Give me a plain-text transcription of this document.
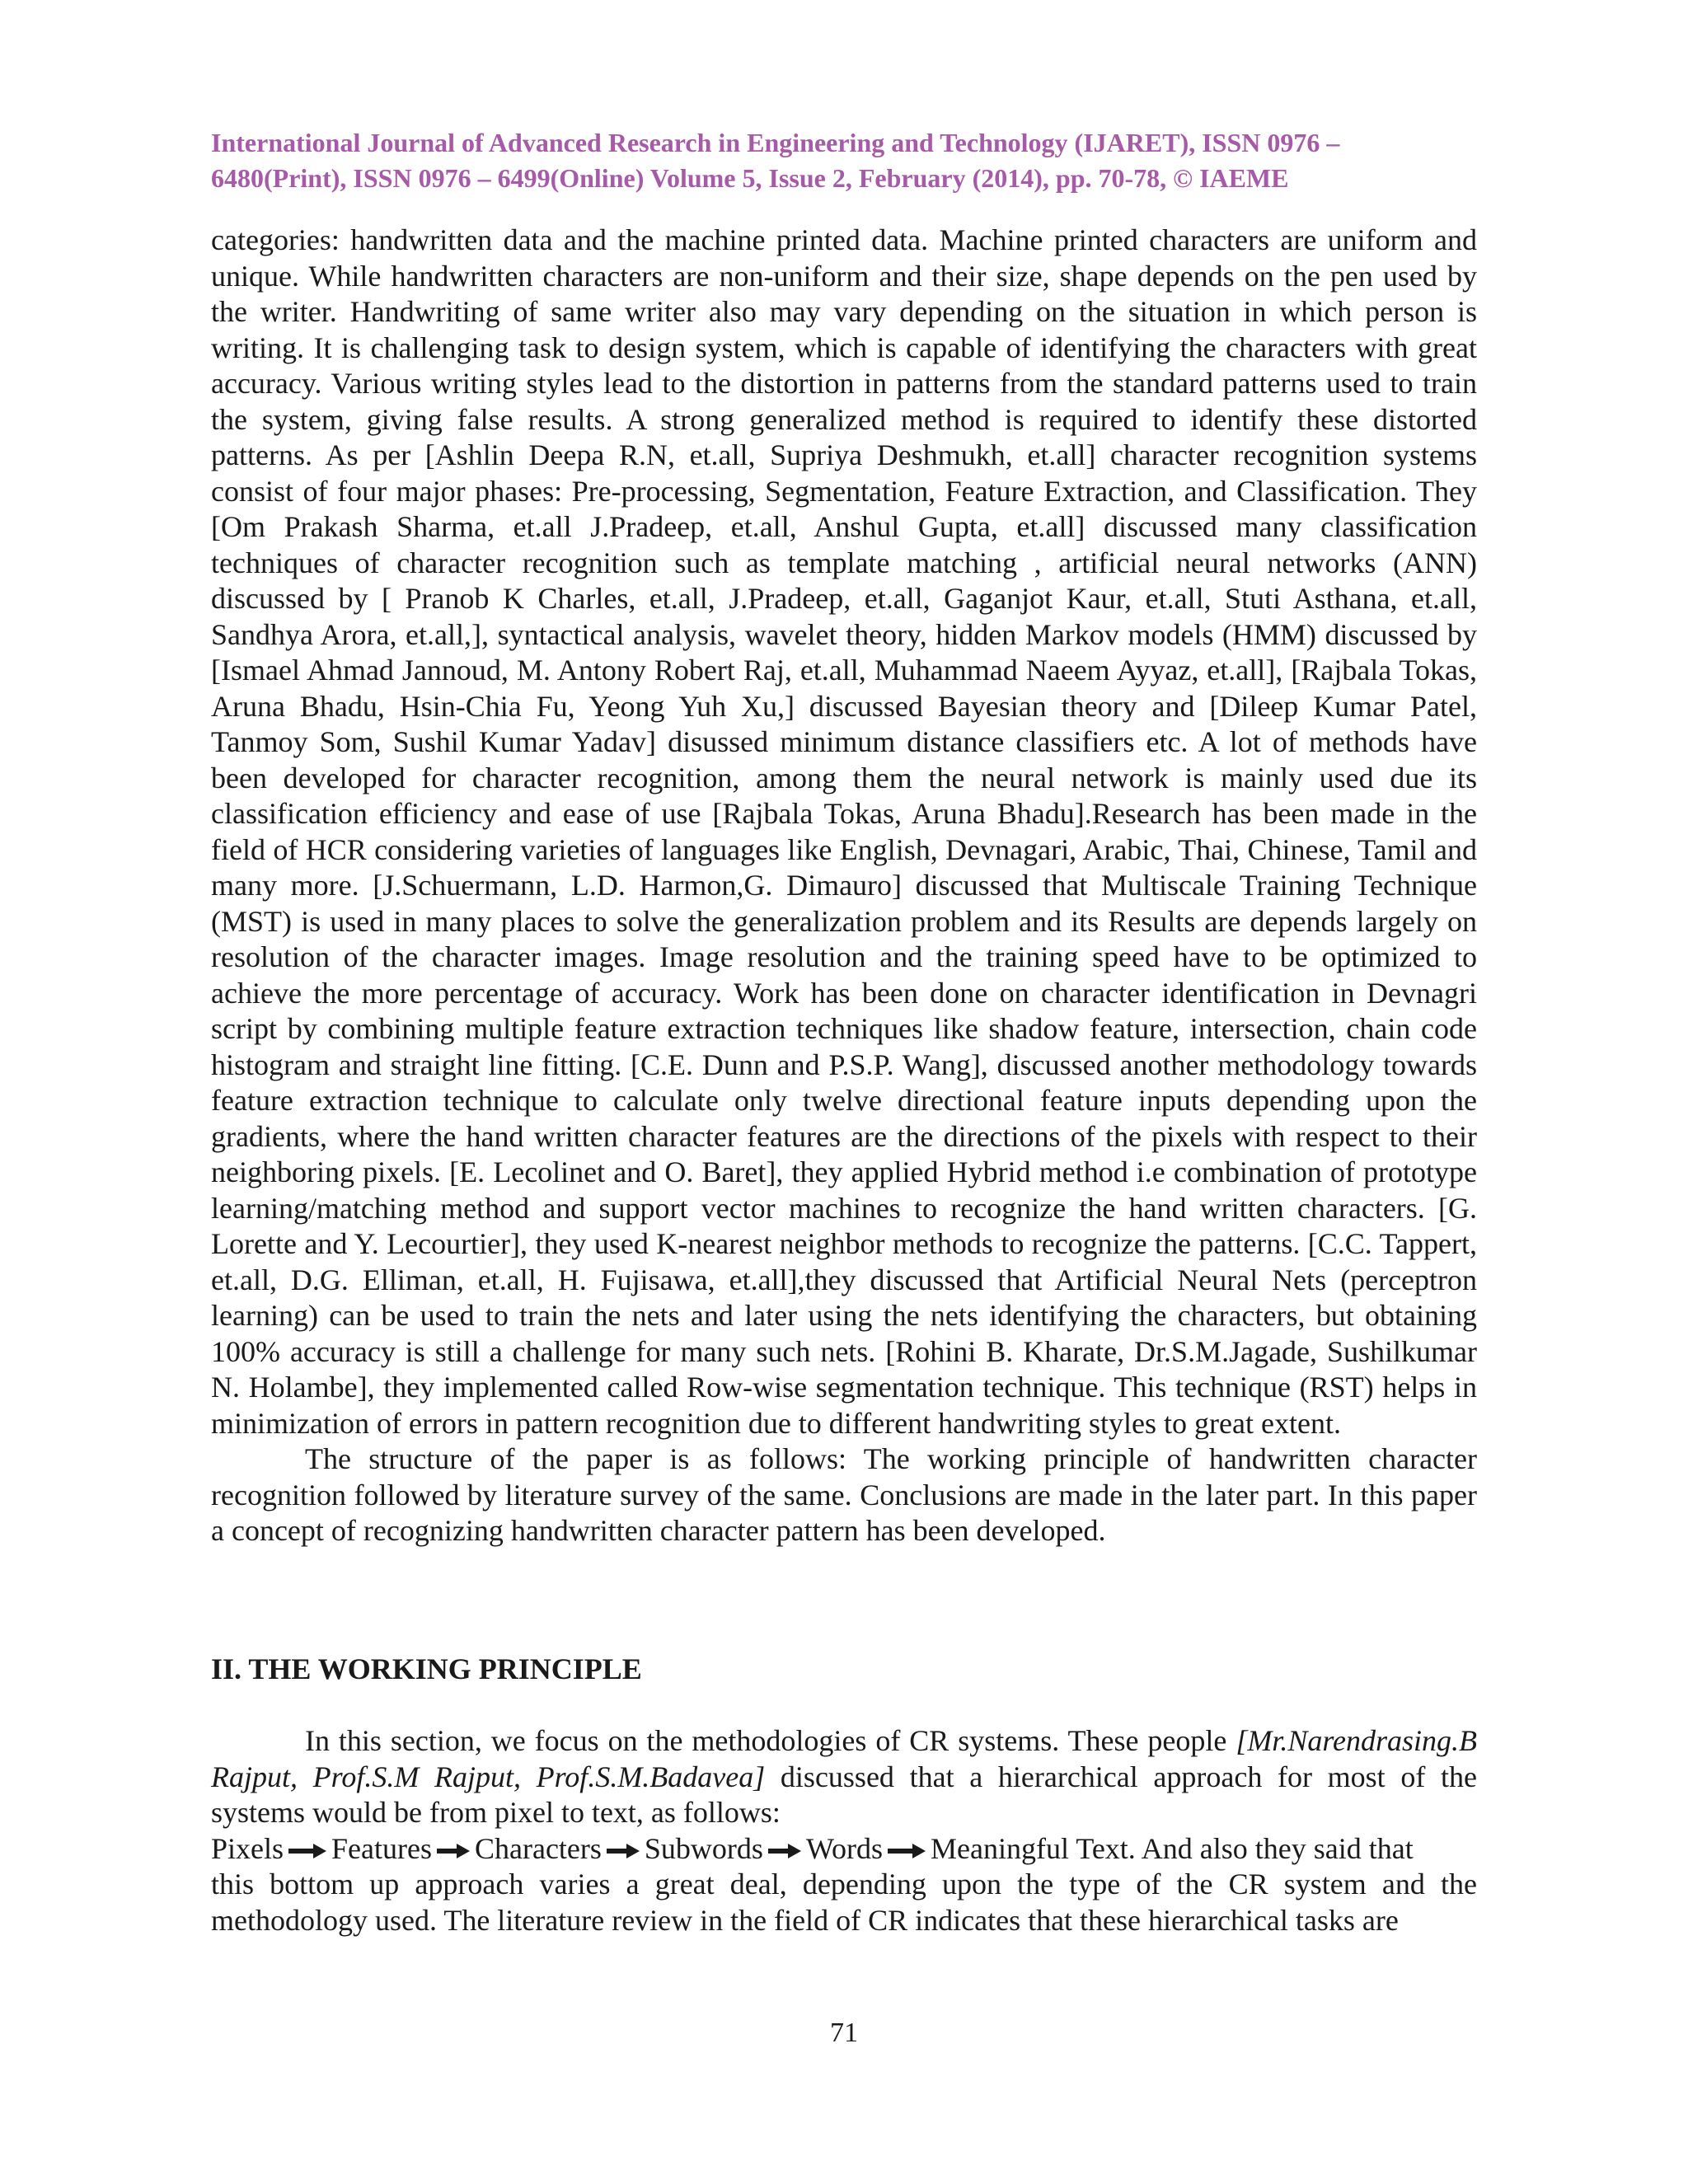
International Journal of Advanced Research in Engineering and Technology (IJARET), ISSN 0976 –
6480(Print), ISSN 0976 – 6499(Online) Volume 5, Issue 2, February (2014), pp. 70-78, © IAEME

categories: handwritten data and the machine printed data. Machine printed characters are uniform and unique. While handwritten characters are non-uniform and their size, shape depends on the pen used by the writer. Handwriting of same writer also may vary depending on the situation in which person is writing. It is challenging task to design system, which is capable of identifying the characters with great accuracy. Various writing styles lead to the distortion in patterns from the standard patterns used to train the system, giving false results. A strong generalized method is required to identify these distorted patterns. As per [Ashlin Deepa R.N, et.all, Supriya Deshmukh, et.all] character recognition systems consist of four major phases: Pre-processing, Segmentation, Feature Extraction, and Classification. They [Om Prakash Sharma, et.all J.Pradeep, et.all, Anshul Gupta, et.all] discussed many classification techniques of character recognition such as template matching , artificial neural networks (ANN) discussed by [ Pranob K Charles, et.all, J.Pradeep, et.all, Gaganjot Kaur, et.all, Stuti Asthana, et.all, Sandhya Arora, et.all,], syntactical analysis, wavelet theory, hidden Markov models (HMM) discussed by [Ismael Ahmad Jannoud, M. Antony Robert Raj, et.all, Muhammad Naeem Ayyaz, et.all], [Rajbala Tokas, Aruna Bhadu, Hsin-Chia Fu, Yeong Yuh Xu,] discussed Bayesian theory and [Dileep Kumar Patel, Tanmoy Som, Sushil Kumar Yadav] disussed minimum distance classifiers etc. A lot of methods have been developed for character recognition, among them the neural network is mainly used due its classification efficiency and ease of use [Rajbala Tokas, Aruna Bhadu].Research has been made in the field of HCR considering varieties of languages like English, Devnagari, Arabic, Thai, Chinese, Tamil and many more. [J.Schuermann, L.D. Harmon,G. Dimauro] discussed that Multiscale Training Technique (MST) is used in many places to solve the generalization problem and its Results are depends largely on resolution of the character images. Image resolution and the training speed have to be optimized to achieve the more percentage of accuracy. Work has been done on character identification in Devnagri script by combining multiple feature extraction techniques like shadow feature, intersection, chain code histogram and straight line fitting. [C.E. Dunn and P.S.P. Wang], discussed another methodology towards feature extraction technique to calculate only twelve directional feature inputs depending upon the gradients, where the hand written character features are the directions of the pixels with respect to their neighboring pixels. [E. Lecolinet and O. Baret], they applied Hybrid method i.e combination of prototype learning/matching method and support vector machines to recognize the hand written characters. [G. Lorette and Y. Lecourtier], they used K-nearest neighbor methods to recognize the patterns. [C.C. Tappert, et.all, D.G. Elliman, et.all, H. Fujisawa, et.all],they discussed that Artificial Neural Nets (perceptron learning) can be used to train the nets and later using the nets identifying the characters, but obtaining 100% accuracy is still a challenge for many such nets. [Rohini B. Kharate, Dr.S.M.Jagade, Sushilkumar N. Holambe], they implemented called Row-wise segmentation technique. This technique (RST) helps in minimization of errors in pattern recognition due to different handwriting styles to great extent.

The structure of the paper is as follows: The working principle of handwritten character recognition followed by literature survey of the same. Conclusions are made in the later part. In this paper a concept of recognizing handwritten character pattern has been developed.

II. THE WORKING PRINCIPLE

In this section, we focus on the methodologies of CR systems. These people [Mr.Narendrasing.B Rajput, Prof.S.M Rajput, Prof.S.M.Badavea] discussed that a hierarchical approach for most of the systems would be from pixel to text, as follows:

Pixels Features Characters Subwords Words Meaningful Text. And also they said that

this bottom up approach varies a great deal, depending upon the type of the CR system and the methodology used. The literature review in the field of CR indicates that these hierarchical tasks are

71
